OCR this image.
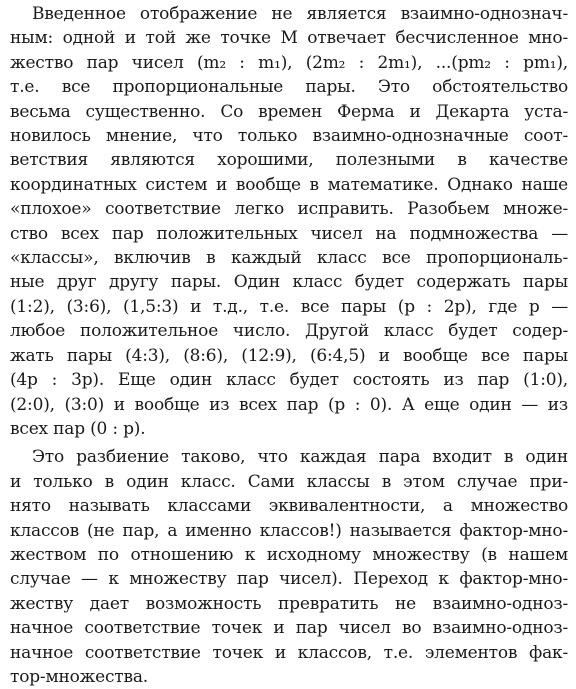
Введенное отображение не является взаимно-однознач-
ным: одной и той же точке M отвечает бесчисленное мно-
жество пар чисел (m₂ : m₁), (2m₂ : 2m₁), ...(pm₂ : pm₁),
т.е. все пропорциональные пары. Это обстоятельство
весьма существенно. Со времен Ферма и Декарта уста-
новилось мнение, что только взаимно-однозначные соот-
ветствия являются хорошими, полезными в качестве
координатных систем и вообще в математике. Однако наше
«плохое» соответствие легко исправить. Разобьем множе-
ство всех пар положительных чисел на подмножества —
«классы», включив в каждый класс все пропорциональ-
ные друг другу пары. Один класс будет содержать пары
(1:2), (3:6), (1,5:3) и т.д., т.е. все пары (p : 2p), где p —
любое положительное число. Другой класс будет содер-
жать пары (4:3), (8:6), (12:9), (6:4,5) и вообще все пары
(4p : 3p). Еще один класс будет состоять из пар (1:0),
(2:0), (3:0) и вообще из всех пар (p : 0). А еще один — из
всех пар (0 : p).

Это разбиение таково, что каждая пара входит в один
и только в один класс. Сами классы в этом случае при-
нято называть классами эквивалентности, а множество
классов (не пар, а именно классов!) называется фактор-мно-
жеством по отношению к исходному множеству (в нашем
случае — к множеству пар чисел). Переход к фактор-мно-
жеству дает возможность превратить не взаимно-одноз-
начное соответствие точек и пар чисел во взаимно-одноз-
начное соответствие точек и классов, т.е. элементов фак-
тор-множества.
